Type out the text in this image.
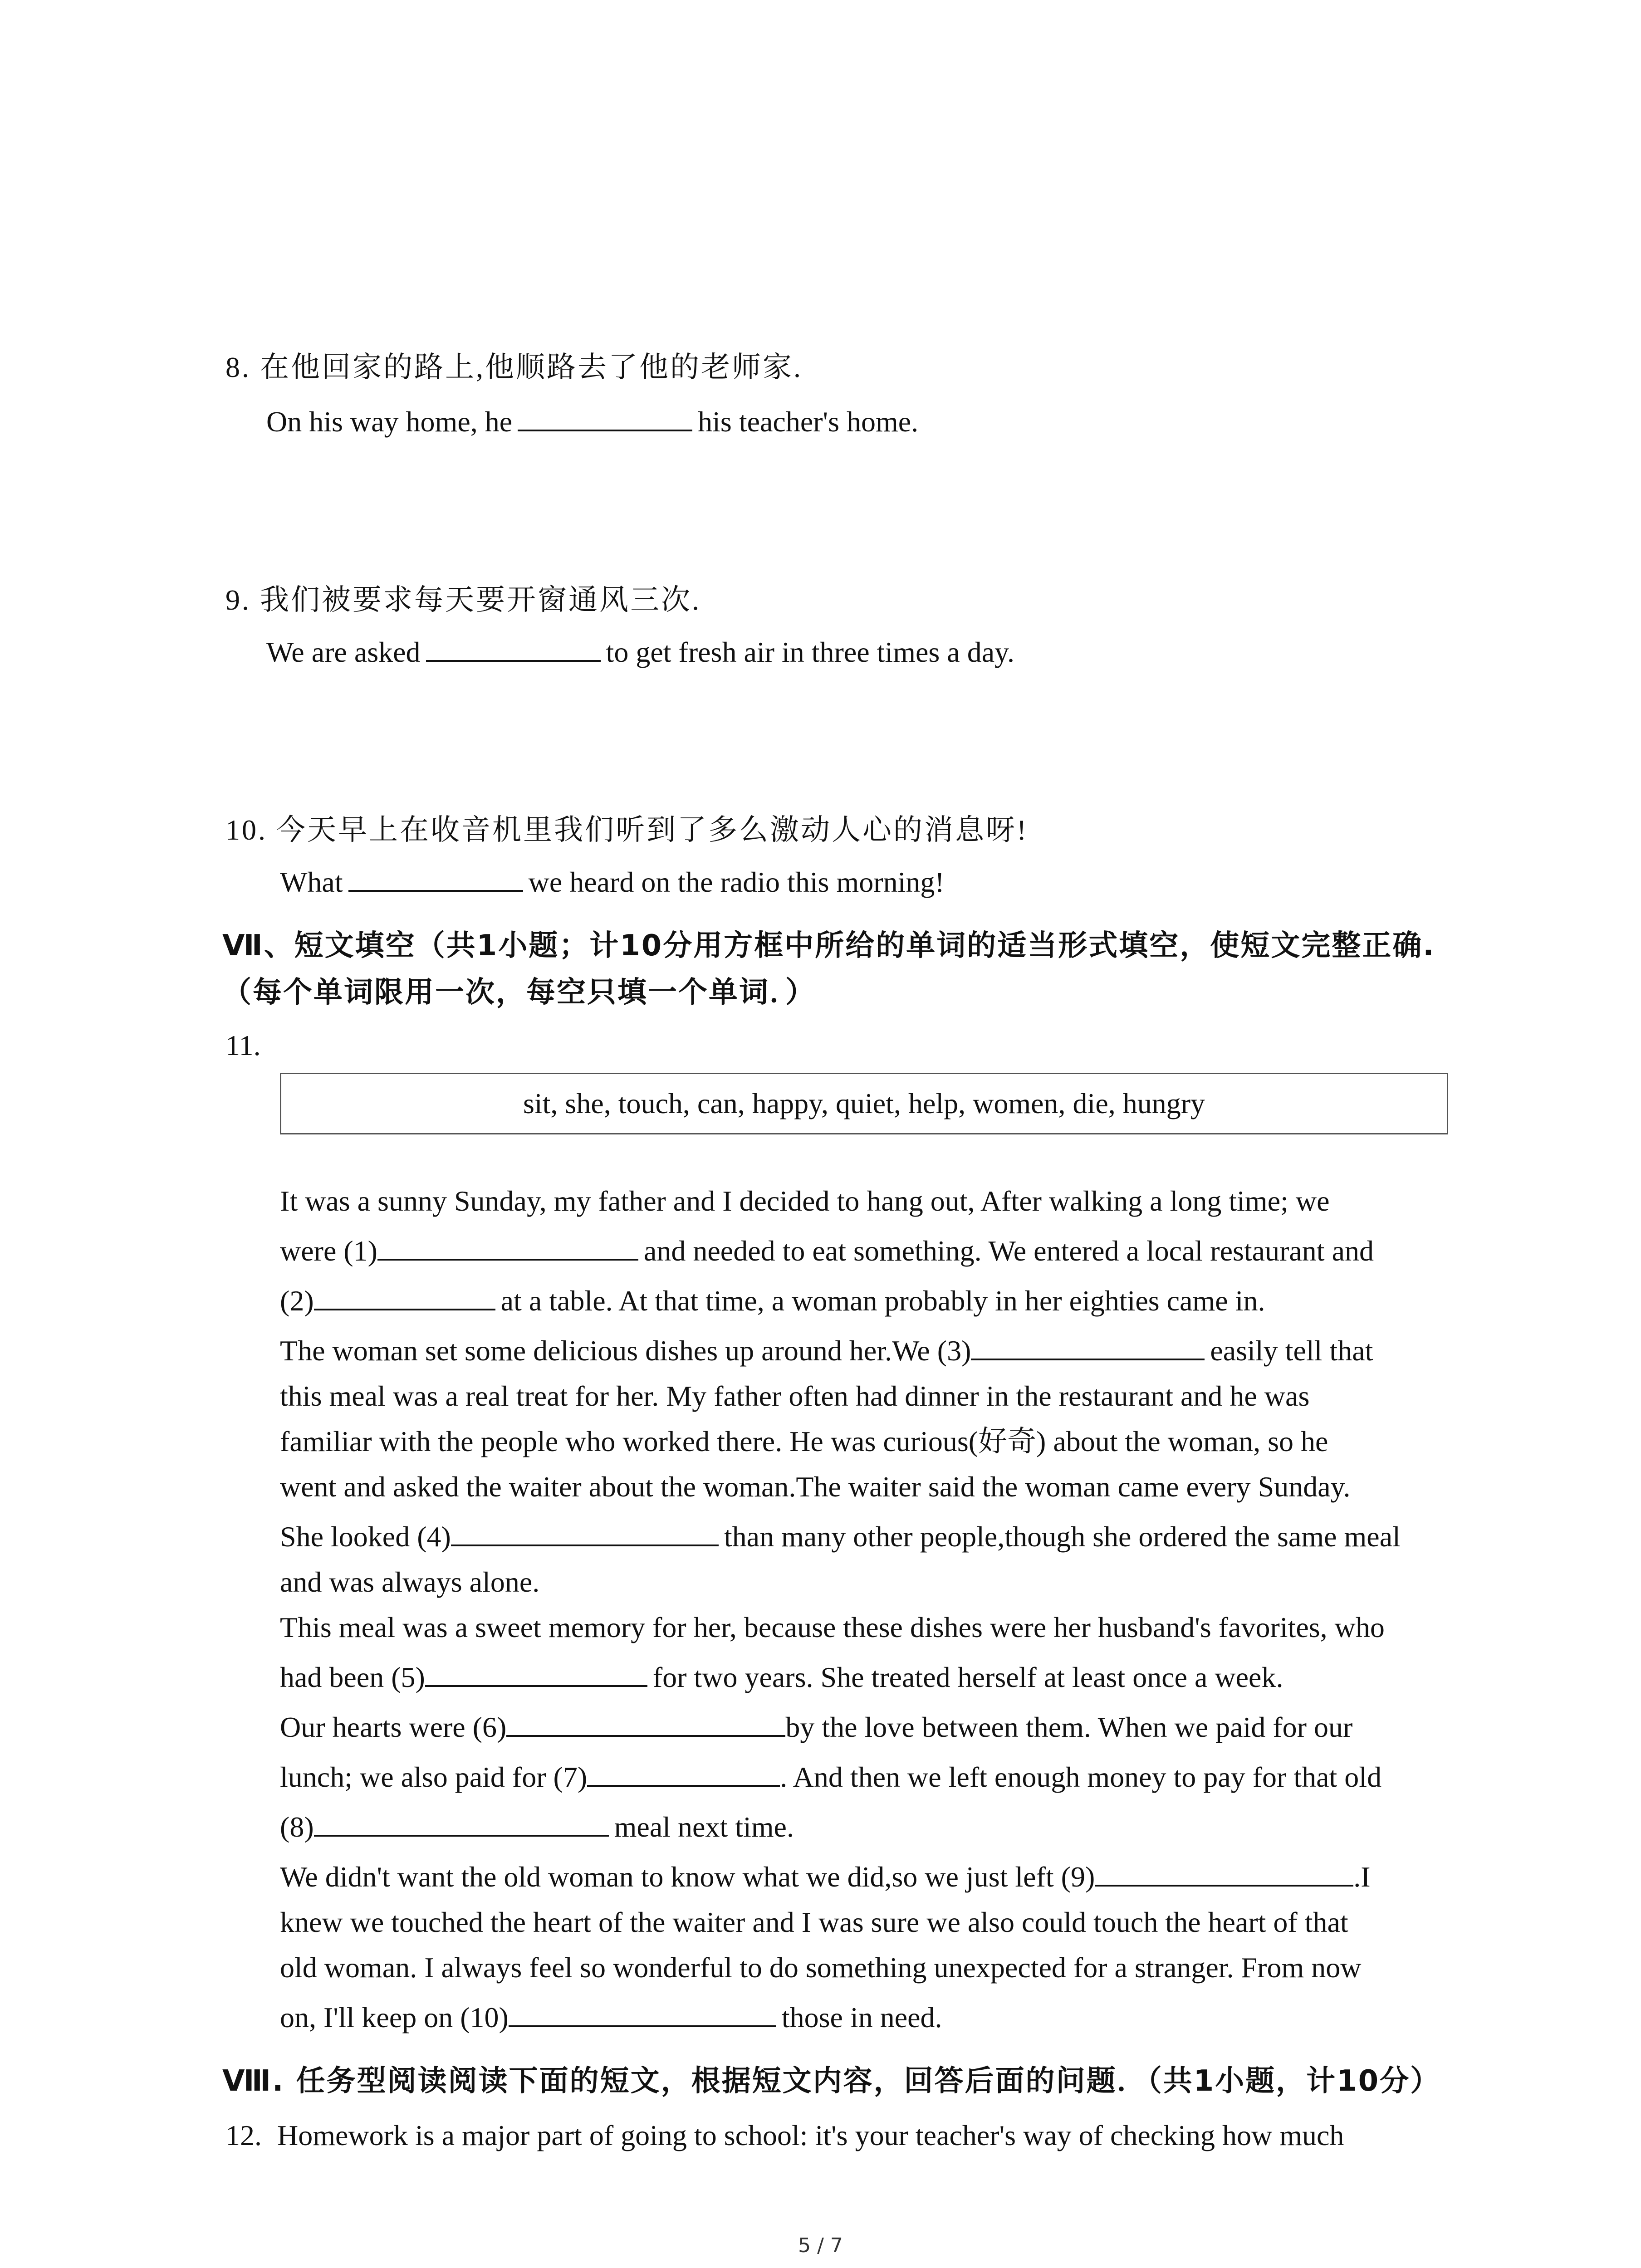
8. 在他回家的路上,他顺路去了他的老师家.
On his way home, he	his teacher's home.
9. 我们被要求每天要开窗通风三次.
We are asked	to get fresh air in three times a day.
10. 今天早上在收音机里我们听到了多么激动人心的消息呀!
What	we heard on the radio this morning!
Ⅶ、短文填空（共1小题；计10分用方框中所给的单词的适当形式填空，使短文完整正确.
（每个单词限用一次，每空只填一个单词．）
11.
sit, she, touch, can, happy, quiet, help, women, die, hungry
It was a sunny Sunday, my father and I decided to hang out, After walking a long time; we
were (1)	and needed to eat something. We entered a local restaurant and
(2)	at a table. At that time, a woman probably in her eighties came in.
The woman set some delicious dishes up around her.We (3)	easily tell that
this meal was a real treat for her. My father often had dinner in the restaurant and he was
familiar with the people who worked there. He was curious(好奇) about the woman, so he
went and asked the waiter about the woman.The waiter said the woman came every Sunday.
She looked (4)	than many other people,though she ordered the same meal
and was always alone.
This meal was a sweet memory for her, because these dishes were her husband's favorites, who
had been (5)	for two years. She treated herself at least once a week.
Our hearts were (6)	by the love between them. When we paid for our
lunch; we also paid for (7)	. And then we left enough money to pay for that old
(8)	meal next time.
We didn't want the old woman to know what we did,so we just left (9)	.I
knew we touched the heart of the waiter and I was sure we also could touch the heart of that
old woman. I always feel so wonderful to do something unexpected for a stranger. From now
on, I'll keep on (10)	those in need.
Ⅷ. 任务型阅读阅读下面的短文，根据短文内容，回答后面的问题．（共1小题，计10分）
12. Homework is a major part of going to school: it's your teacher's way of checking how much
5 / 7
